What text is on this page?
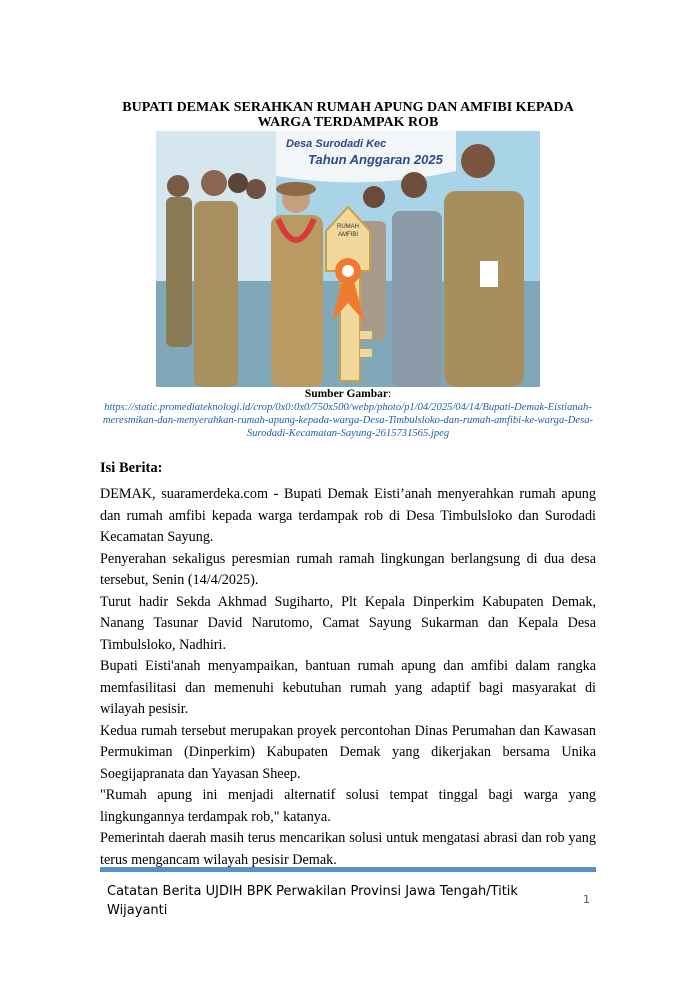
BUPATI DEMAK SERAHKAN RUMAH APUNG DAN AMFIBI KEPADA WARGA TERDAMPAK ROB
Desa Surodadi Kec
Tahun Anggaran 2025
RUMAH
AMFIBI
Sumber Gambar:
https://static.promediateknologi.id/crop/0x0:0x0/750x500/webp/photo/p1/04/2025/04/14/Bupati-Demak-Eistianah-meresmikan-dan-menyerahkan-rumah-apung-kepada-warga-Desa-Timbulsloko-dan-rumah-amfibi-ke-warga-Desa-Surodadi-Kecamatan-Sayung-2615731565.jpeg
Isi Berita:

DEMAK, suaramerdeka.com - Bupati Demak Eisti’anah menyerahkan rumah apung dan rumah amfibi kepada warga terdampak rob di Desa Timbulsloko dan Surodadi Kecamatan Sayung.

Penyerahan sekaligus peresmian rumah ramah lingkungan berlangsung di dua desa tersebut, Senin (14/4/2025).

Turut hadir Sekda Akhmad Sugiharto, Plt Kepala Dinperkim Kabupaten Demak, Nanang Tasunar David Narutomo, Camat Sayung Sukarman dan Kepala Desa Timbulsloko, Nadhiri.

Bupati Eisti'anah menyampaikan, bantuan rumah apung dan amfibi dalam rangka memfasilitasi dan memenuhi kebutuhan rumah yang adaptif bagi masyarakat di wilayah pesisir.

Kedua rumah tersebut merupakan proyek percontohan Dinas Perumahan dan Kawasan Permukiman (Dinperkim) Kabupaten Demak yang dikerjakan bersama Unika Soegijapranata dan Yayasan Sheep.

"Rumah apung ini menjadi alternatif solusi tempat tinggal bagi warga yang lingkungannya terdampak rob," katanya.

Pemerintah daerah masih terus mencarikan solusi untuk mengatasi abrasi dan rob yang terus mengancam wilayah pesisir Demak.

Catatan Berita UJDIH BPK Perwakilan Provinsi Jawa Tengah/Titik Wijayanti
1
